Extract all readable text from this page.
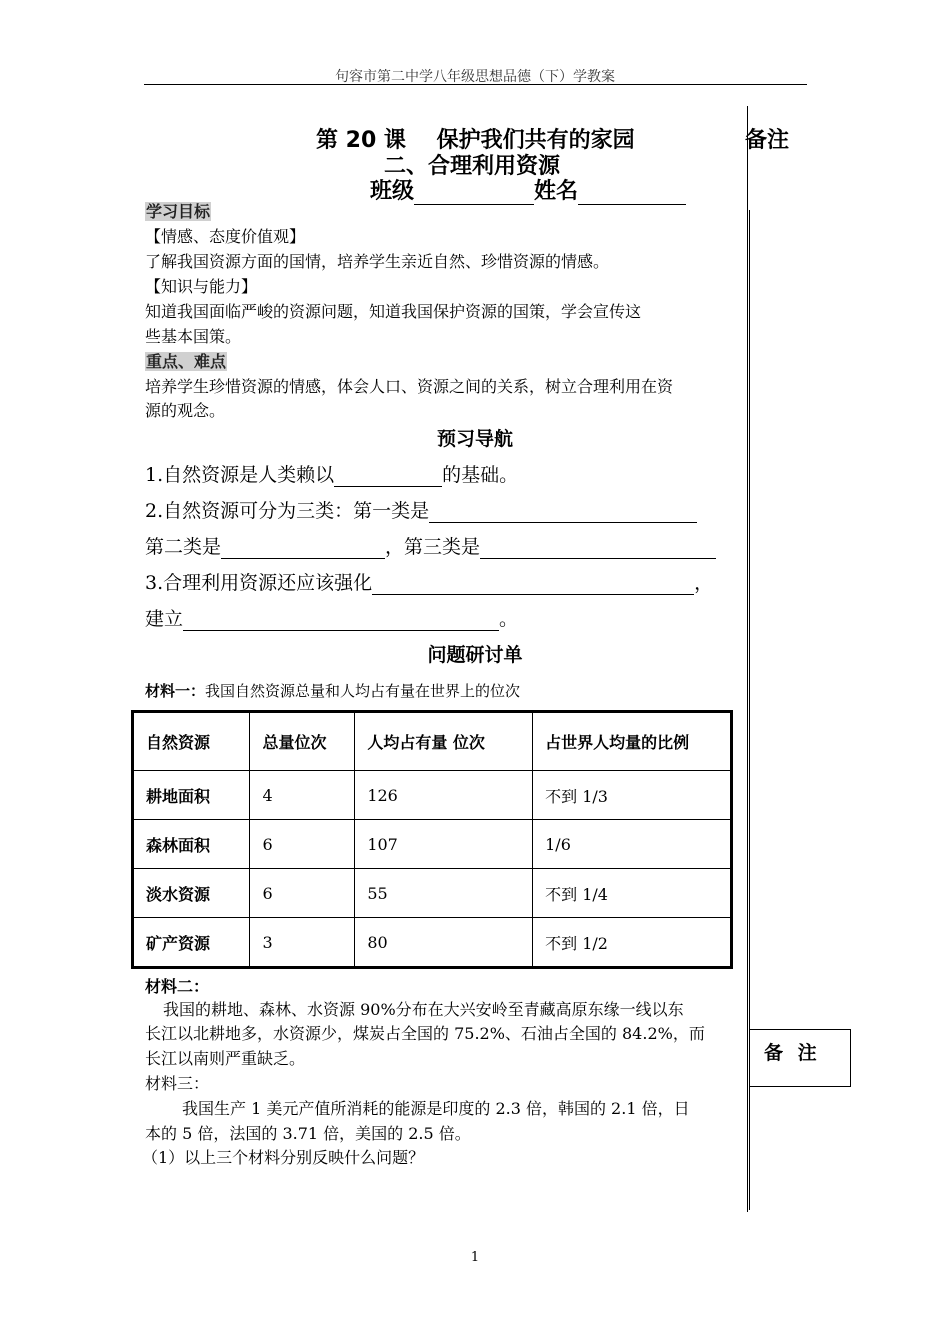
句容市第二中学八年级思想品德（下）学教案
第 20 课    保护我们共有的家园	备注
二、合理利用资源
班级	姓名
学习目标
【情感、态度价值观】
了解我国资源方面的国情，培养学生亲近自然、珍惜资源的情感。
【知识与能力】
知道我国面临严峻的资源问题，知道我国保护资源的国策，学会宣传这
些基本国策。
重点、难点
培养学生珍惜资源的情感，体会人口、资源之间的关系，树立合理利用在资
源的观念。
预习导航
1.自然资源是人类赖以	的基础。
2.自然资源可分为三类：第一类是
第二类是	，第三类是
3.合理利用资源还应该强化	，
建立	。
问题研讨单
材料一：我国自然资源总量和人均占有量在世界上的位次
自然资源	总量位次	人均占有量 位次	占世界人均量的比例
耕地面积	4	126	不到 1/3
森林面积	6	107	1/6
淡水资源	6	55	不到 1/4
矿产资源	3	80	不到 1/2
材料二：
我国的耕地、森林、水资源 90%分布在大兴安岭至青藏高原东缘一线以东
长江以北耕地多，水资源少，煤炭占全国的 75.2%、石油占全国的 84.2%，而
长江以南则严重缺乏。
材料三：
我国生产 1 美元产值所消耗的能源是印度的 2.3 倍，韩国的 2.1 倍，日
本的 5 倍，法国的 3.71 倍，美国的 2.5 倍。
（1）以上三个材料分别反映什么问题？
备 注
1
